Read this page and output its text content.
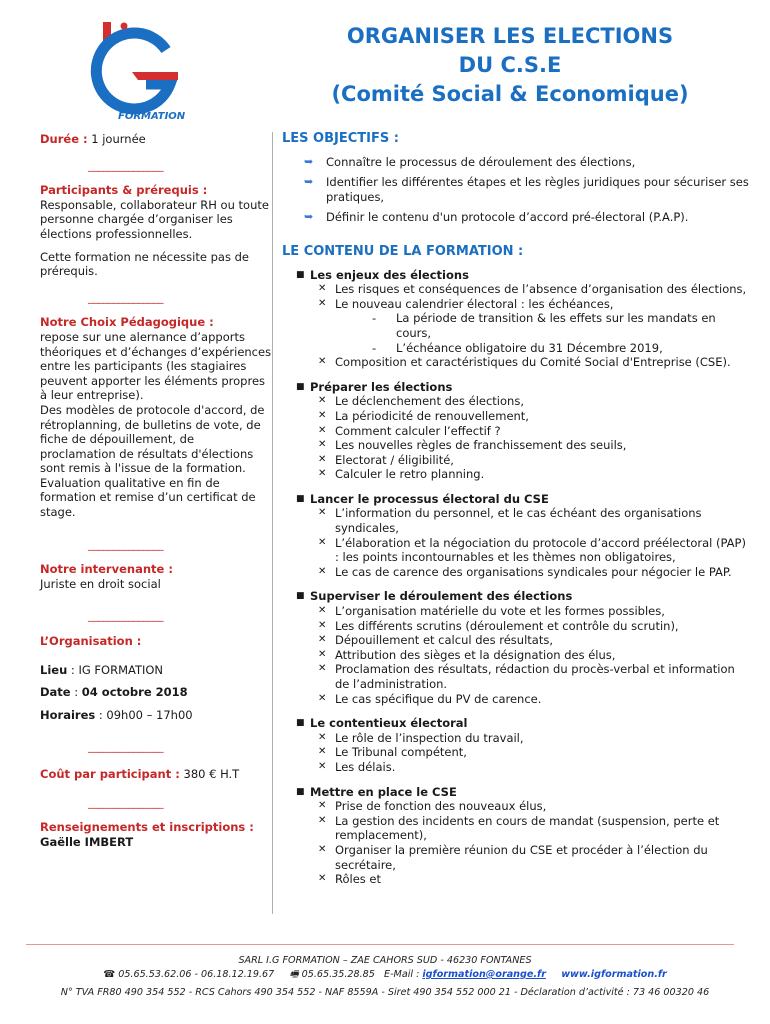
FORMATION
ORGANISER LES ELECTIONS
DU C.S.E
(Comité Social & Economique)

Durée : 1 journée

_______________

Participants & prérequis :

Responsable, collaborateur RH ou toute personne chargée d’organiser les élections professionnelles.

Cette formation ne nécessite pas de prérequis.

_______________

Notre Choix Pédagogique :

repose sur une alernance d’apports théoriques et d’échanges d’expériences entre les participants (les stagiaires peuvent apporter les éléments propres à leur entreprise).

Des modèles de protocole d'accord, de rétroplanning, de bulletins de vote, de fiche de dépouillement, de proclamation de résultats d'élections sont remis à l'issue de la formation.

Evaluation qualitative en fin de formation et remise d’un certificat de stage.

_______________

Notre intervenante :

Juriste en droit social

_______________

L’Organisation :

Lieu : IG FORMATION

Date : 04 octobre 2018

Horaires : 09h00 – 17h00

_______________

Coût par participant : 380 € H.T

_______________

Renseignements et inscriptions :

Gaëlle IMBERT

LES OBJECTIFS :

➥	Connaître le processus de déroulement des élections,
➥	Identifier les différentes étapes et les règles juridiques pour sécuriser ses pratiques,
➥	Définir le contenu d'un protocole d’accord pré-électoral (P.A.P).

LE CONTENU DE LA FORMATION :

■ Les enjeux des élections
✕ Les risques et conséquences de l’absence d’organisation des élections,
✕ Le nouveau calendrier électoral : les échéances,
-	La période de transition & les effets sur les mandats en cours,
-	L’échéance obligatoire du 31 Décembre 2019,
✕ Composition et caractéristiques du Comité Social d'Entreprise (CSE).
■ Préparer les élections
✕ Le déclenchement des élections,
✕ La périodicité de renouvellement,
✕ Comment calculer l’effectif ?
✕ Les nouvelles règles de franchissement des seuils,
✕ Electorat / éligibilité,
✕ Calculer le retro planning.
■ Lancer le processus électoral du CSE
✕ L’information du personnel, et le cas échéant des organisations syndicales,
✕ L’élaboration et la négociation du protocole d’accord préélectoral (PAP) : les points incontournables et les thèmes non obligatoires,
✕ Le cas de carence des organisations syndicales pour négocier le PAP.
■ Superviser le déroulement des élections
✕ L’organisation matérielle du vote et les formes possibles,
✕ Les différents scrutins (déroulement et contrôle du scrutin),
✕ Dépouillement et calcul des résultats,
✕ Attribution des sièges et la désignation des élus,
✕ Proclamation des résultats, rédaction du procès-verbal et information de l’administration.
✕ Le cas spécifique du PV de carence.
■ Le contentieux électoral
✕ Le rôle de l’inspection du travail,
✕ Le Tribunal compétent,
✕ Les délais.
■ Mettre en place le CSE
✕ Prise de fonction des nouveaux élus,
✕ La gestion des incidents en cours de mandat (suspension, perte et remplacement),
✕ Organiser la première réunion du CSE et procéder à l’élection du secrétaire,
✕ Rôles et
SARL I.G FORMATION – ZAE CAHORS SUD - 46230 FONTANES
☎ 05.65.53.62.06 - 06.18.12.19.67 🖷 05.65.35.28.85 E-Mail : igformation@orange.fr www.igformation.fr
N° TVA FR80 490 354 552 - RCS Cahors 490 354 552 - NAF 8559A - Siret 490 354 552 000 21 - Déclaration d’activité : 73 46 00320 46
